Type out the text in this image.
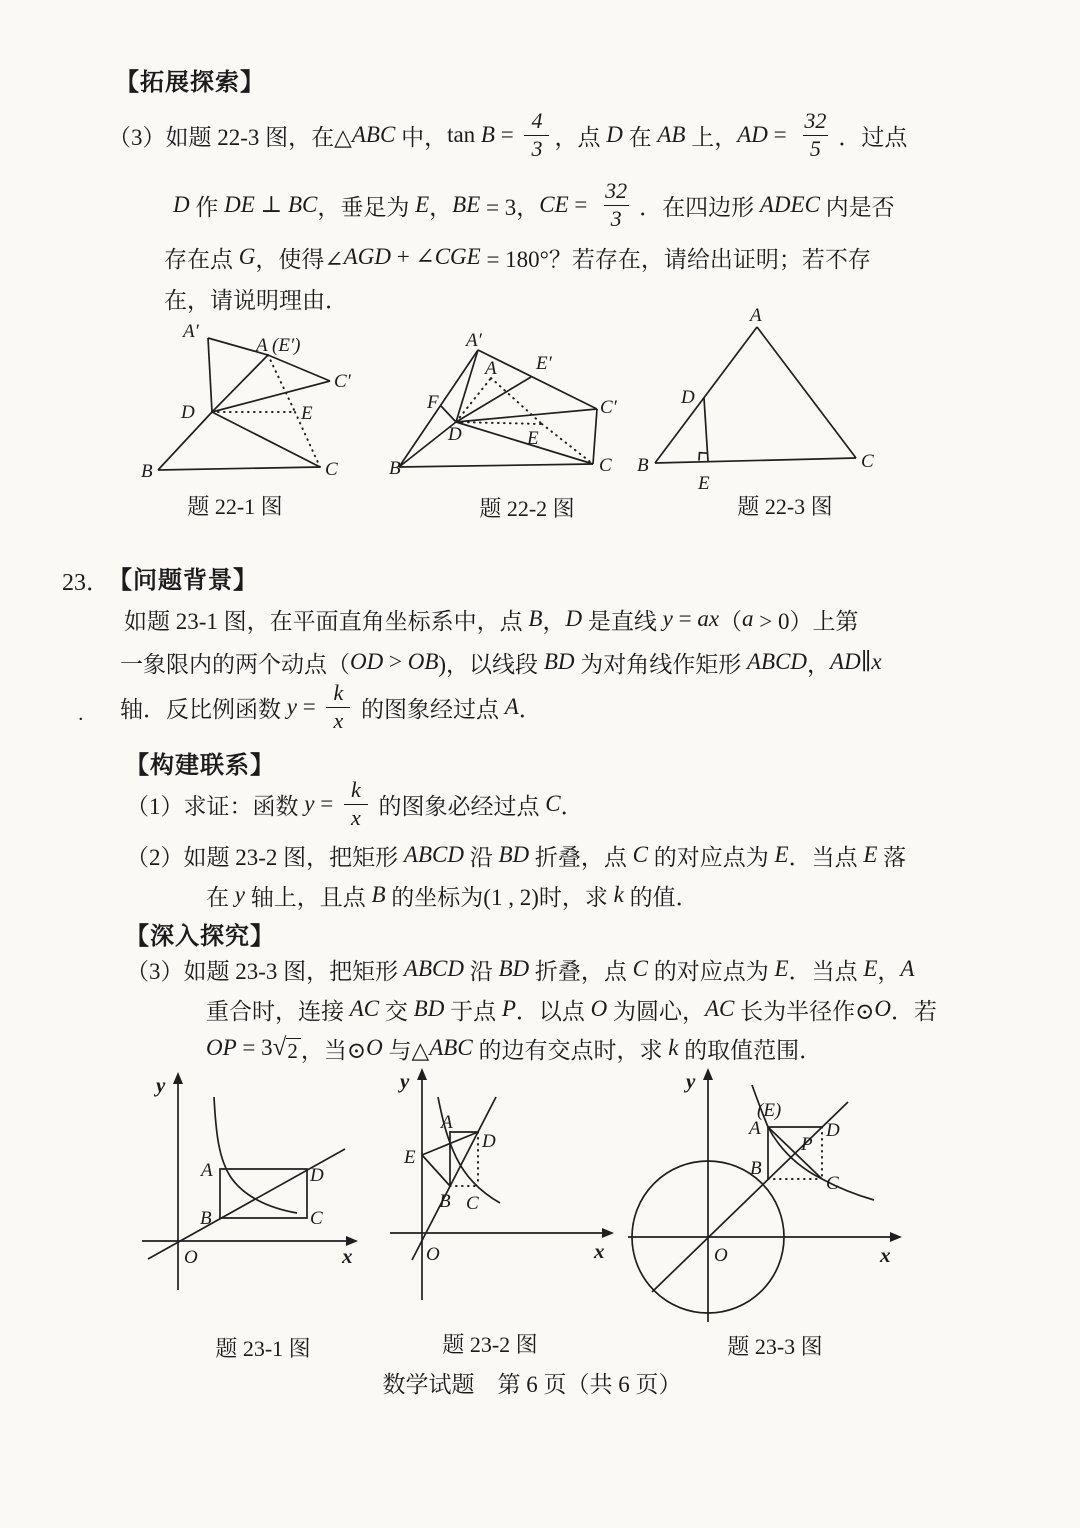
【拓展探索】
（3）如题 22-3 图，在△ ABC 中， $\tan B = \frac{4}{3}$ ，点 D 在 AB 上， AD = $\frac{32}{5}$ ．过点
D 作 DE ⊥ BC ，垂足为 E ， BE = 3， CE = $\frac{32}{3}$ ．在四边形 ADEC 内是否
存在点 G ，使得∠ AGD + ∠ CGE = 180°？若存在，请给出证明；若不存
在，请说明理由．
A′
A (E′)
C′
D	E
B	C
A′
A E′
C′
F
D	E
B	C
A
D
B
E
C
题 22-1 图	题 22-2 图	题 22-3 图
23．
【问题背景】
如题 23-1 图，在平面直角坐标系中，点 B ， D 是直线 y = ax （ a > 0）上第
一象限内的两个动点（ OD > OB )，以线段 BD 为对角线作矩形 ABCD ， AD ∥ x
轴．反比例函数 $y = \frac{k}{x}$ 的图象经过点 A ．
【构建联系】
（1）求证：函数 $y = \frac{k}{x}$ 的图象必经过点 C ．
（2）如题 23-2 图，把矩形 ABCD 沿 BD 折叠，点 C 的对应点为 E ．当点 E 落
在 y 轴上，且点 B 的坐标为(1 , 2)时，求 k 的值．
【深入探究】
（3）如题 23-3 图，把矩形 ABCD 沿 BD 折叠，点 C 的对应点为 E ．当点 E ， A
重合时，连接 AC 交 BD 于点 P ．以点 O 为圆心， AC 长为半径作⊙ O ．若
OP = 3 √ 2 ，当⊙ O 与△ ABC 的边有交点时，求 k 的取值范围．
y
x
O
A	D
B	C
y
x
O
E
A
D
B C
y
x
O
(E)
A	D
B
C
P
题 23-1 图	题 23-2 图	题 23-3 图
数学试题　第 6 页（共 6 页）
．
